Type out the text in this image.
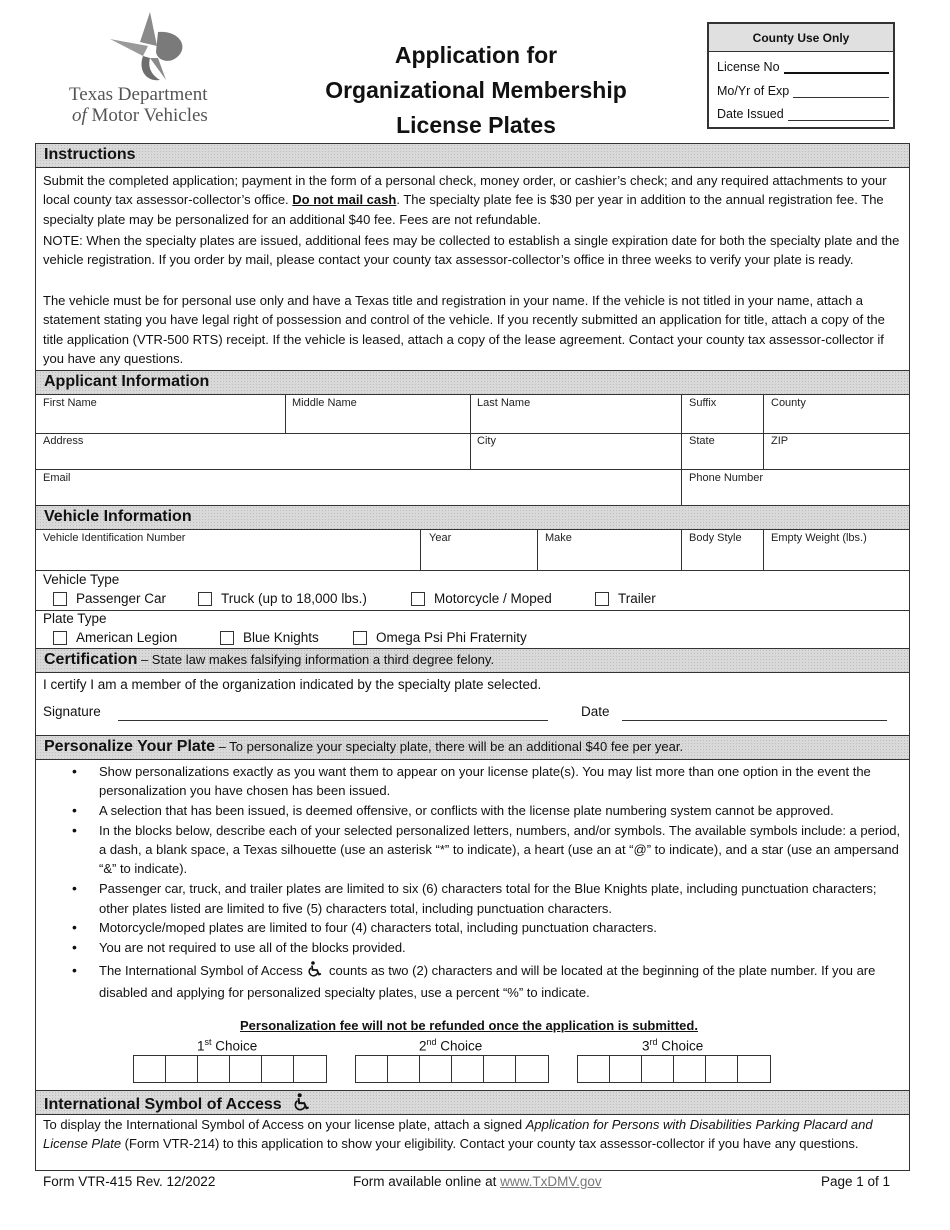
Texas Department
of Motor Vehicles
Application for
Organizational Membership
License Plates
County Use Only
License No
Mo/Yr of Exp
Date Issued
Instructions
Submit the completed application; payment in the form of a personal check, money order, or cashier’s check; and any required attachments to your local county tax assessor-collector’s office. Do not mail cash. The specialty plate fee is $30 per year in addition to the annual registration fee. The specialty plate may be personalized for an additional $40 fee. Fees are not refundable.
NOTE: When the specialty plates are issued, additional fees may be collected to establish a single expiration date for both the specialty plate and the vehicle registration. If you order by mail, please contact your county tax assessor-collector’s office in three weeks to verify your plate is ready.
The vehicle must be for personal use only and have a Texas title and registration in your name. If the vehicle is not titled in your name, attach a statement stating you have legal right of possession and control of the vehicle. If you recently submitted an application for title, attach a copy of the title application (VTR-500 RTS) receipt. If the vehicle is leased, attach a copy of the lease agreement. Contact your county tax assessor-collector if you have any questions.
Applicant Information
First Name	Middle Name	Last Name	Suffix	County
Address	City	State	ZIP
Email	Phone Number
Vehicle Information
Vehicle Identification Number	Year	Make	Body Style	Empty Weight (lbs.)
Vehicle Type
Passenger Car	Truck (up to 18,000 lbs.)	Motorcycle / Moped	Trailer
Plate Type
American Legion	Blue Knights	Omega Psi Phi Fraternity
Certification – State law makes falsifying information a third degree felony.
I certify I am a member of the organization indicated by the specialty plate selected.
Signature	Date
Personalize Your Plate – To personalize your specialty plate, there will be an additional $40 fee per year.
• Show personalizations exactly as you want them to appear on your license plate(s). You may list more than one option in the event the personalization you have chosen has been issued.
• A selection that has been issued, is deemed offensive, or conflicts with the license plate numbering system cannot be approved.
• In the blocks below, describe each of your selected personalized letters, numbers, and/or symbols. The available symbols include: a period, a dash, a blank space, a Texas silhouette (use an asterisk “*” to indicate), a heart (use an at “@” to indicate), and a star (use an ampersand “&” to indicate).
• Passenger car, truck, and trailer plates are limited to six (6) characters total for the Blue Knights plate, including punctuation characters; other plates listed are limited to five (5) characters total, including punctuation characters.
• Motorcycle/moped plates are limited to four (4) characters total, including punctuation characters.
• You are not required to use all of the blocks provided.
• The International Symbol of Access counts as two (2) characters and will be located at the beginning of the plate number. If you are disabled and applying for personalized specialty plates, use a percent “%” to indicate.
Personalization fee will not be refunded once the application is submitted.
1st Choice	2nd Choice	3rd Choice
International Symbol of Access
To display the International Symbol of Access on your license plate, attach a signed Application for Persons with Disabilities Parking Placard and License Plate (Form VTR-214) to this application to show your eligibility. Contact your county tax assessor-collector if you have any questions.
Form VTR-415 Rev. 12/2022	Form available online at www.TxDMV.gov	Page 1 of 1
